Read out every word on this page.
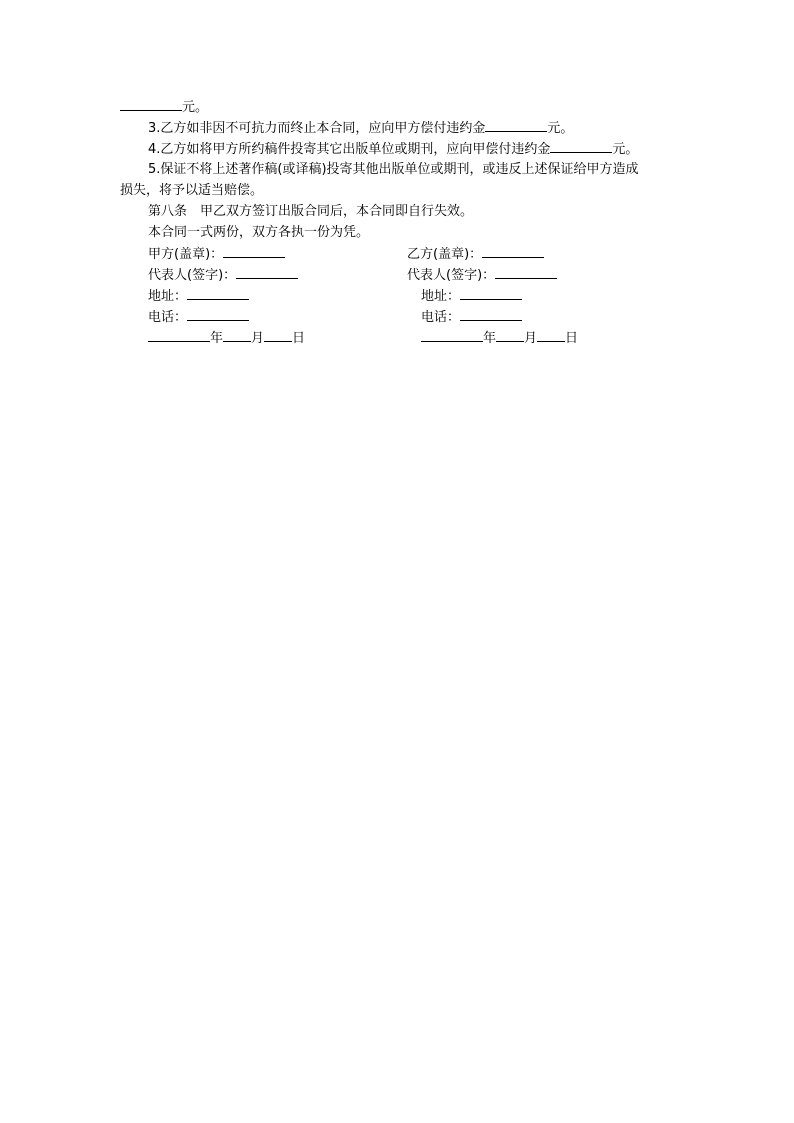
元。
3.乙方如非因不可抗力而终止本合同，应向甲方偿付违约金	元。
4.乙方如将甲方所约稿件投寄其它出版单位或期刊，应向甲偿付违约金	元。
5.保证不将上述著作稿(或译稿)投寄其他出版单位或期刊，或违反上述保证给甲方造成
损失，将予以适当赔偿。
第八条　甲乙双方签订出版合同后，本合同即自行失效。
本合同一式两份，双方各执一份为凭。
甲方(盖章)：
代表人(签字)：
地址：
电话：
年 月 日
乙方(盖章)：
代表人(签字)：
地址：
电话：
年 月 日
